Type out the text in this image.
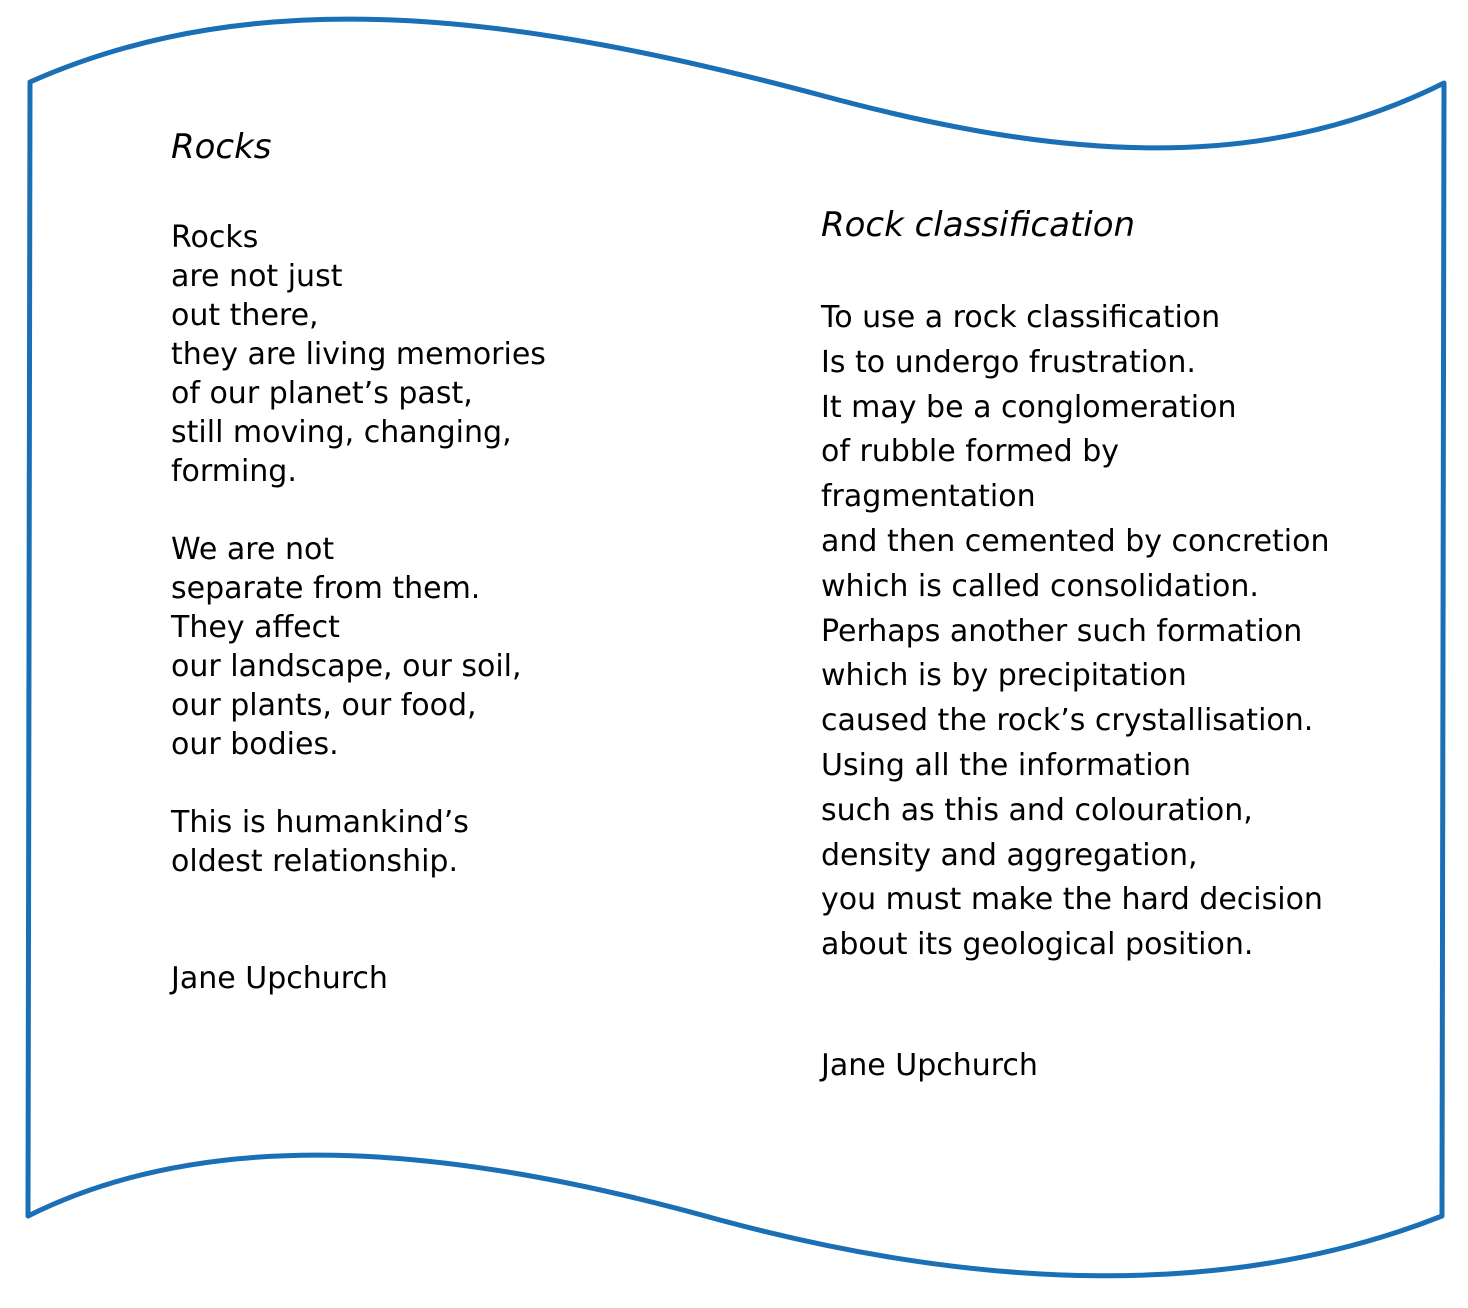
Rocks
Rocks
are not just
out there,
they are living memories
of our planet’s past,
still moving, changing,
forming.
We are not
separate from them.
They affect
our landscape, our soil,
our plants, our food,
our bodies.
This is humankind’s
oldest relationship.
Jane Upchurch
Rock classification
To use a rock classification
Is to undergo frustration.
It may be a conglomeration
of rubble formed by
fragmentation
and then cemented by concretion
which is called consolidation.
Perhaps another such formation
which is by precipitation
caused the rock’s crystallisation.
Using all the information
such as this and colouration,
density and aggregation,
you must make the hard decision
about its geological position.
Jane Upchurch
